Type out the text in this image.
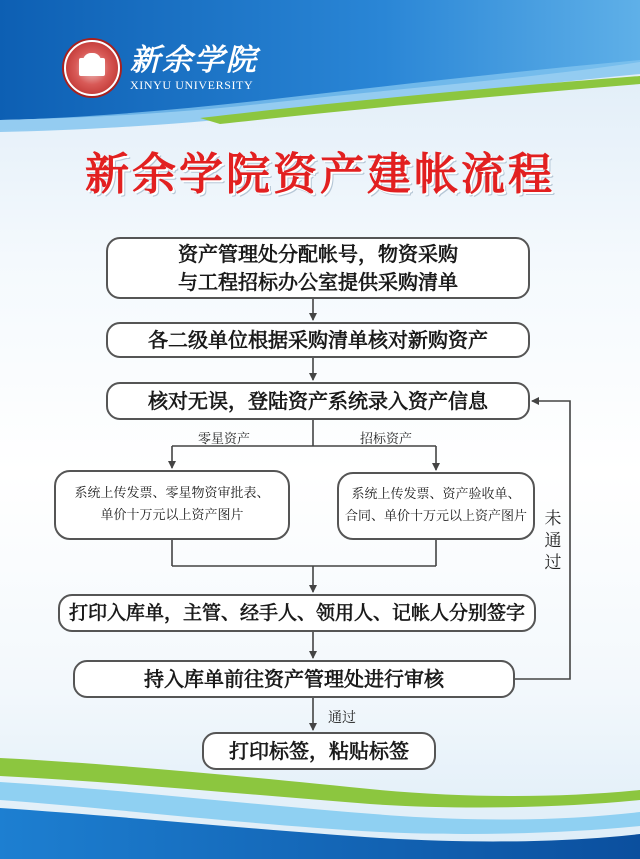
新余学院
XINYU UNIVERSITY
新余学院资产建帐流程
资产管理处分配帐号，物资采购
与工程招标办公室提供采购清单
各二级单位根据采购清单核对新购资产
核对无误，登陆资产系统录入资产信息
零星资产	招标资产
系统上传发票、零星物资审批表、
单价十万元以上资产图片
系统上传发票、资产验收单、
合同、单价十万元以上资产图片
打印入库单，主管、经手人、领用人、记帐人分别签字
持入库单前往资产管理处进行审核
通过
打印标签，粘贴标签
未通过
